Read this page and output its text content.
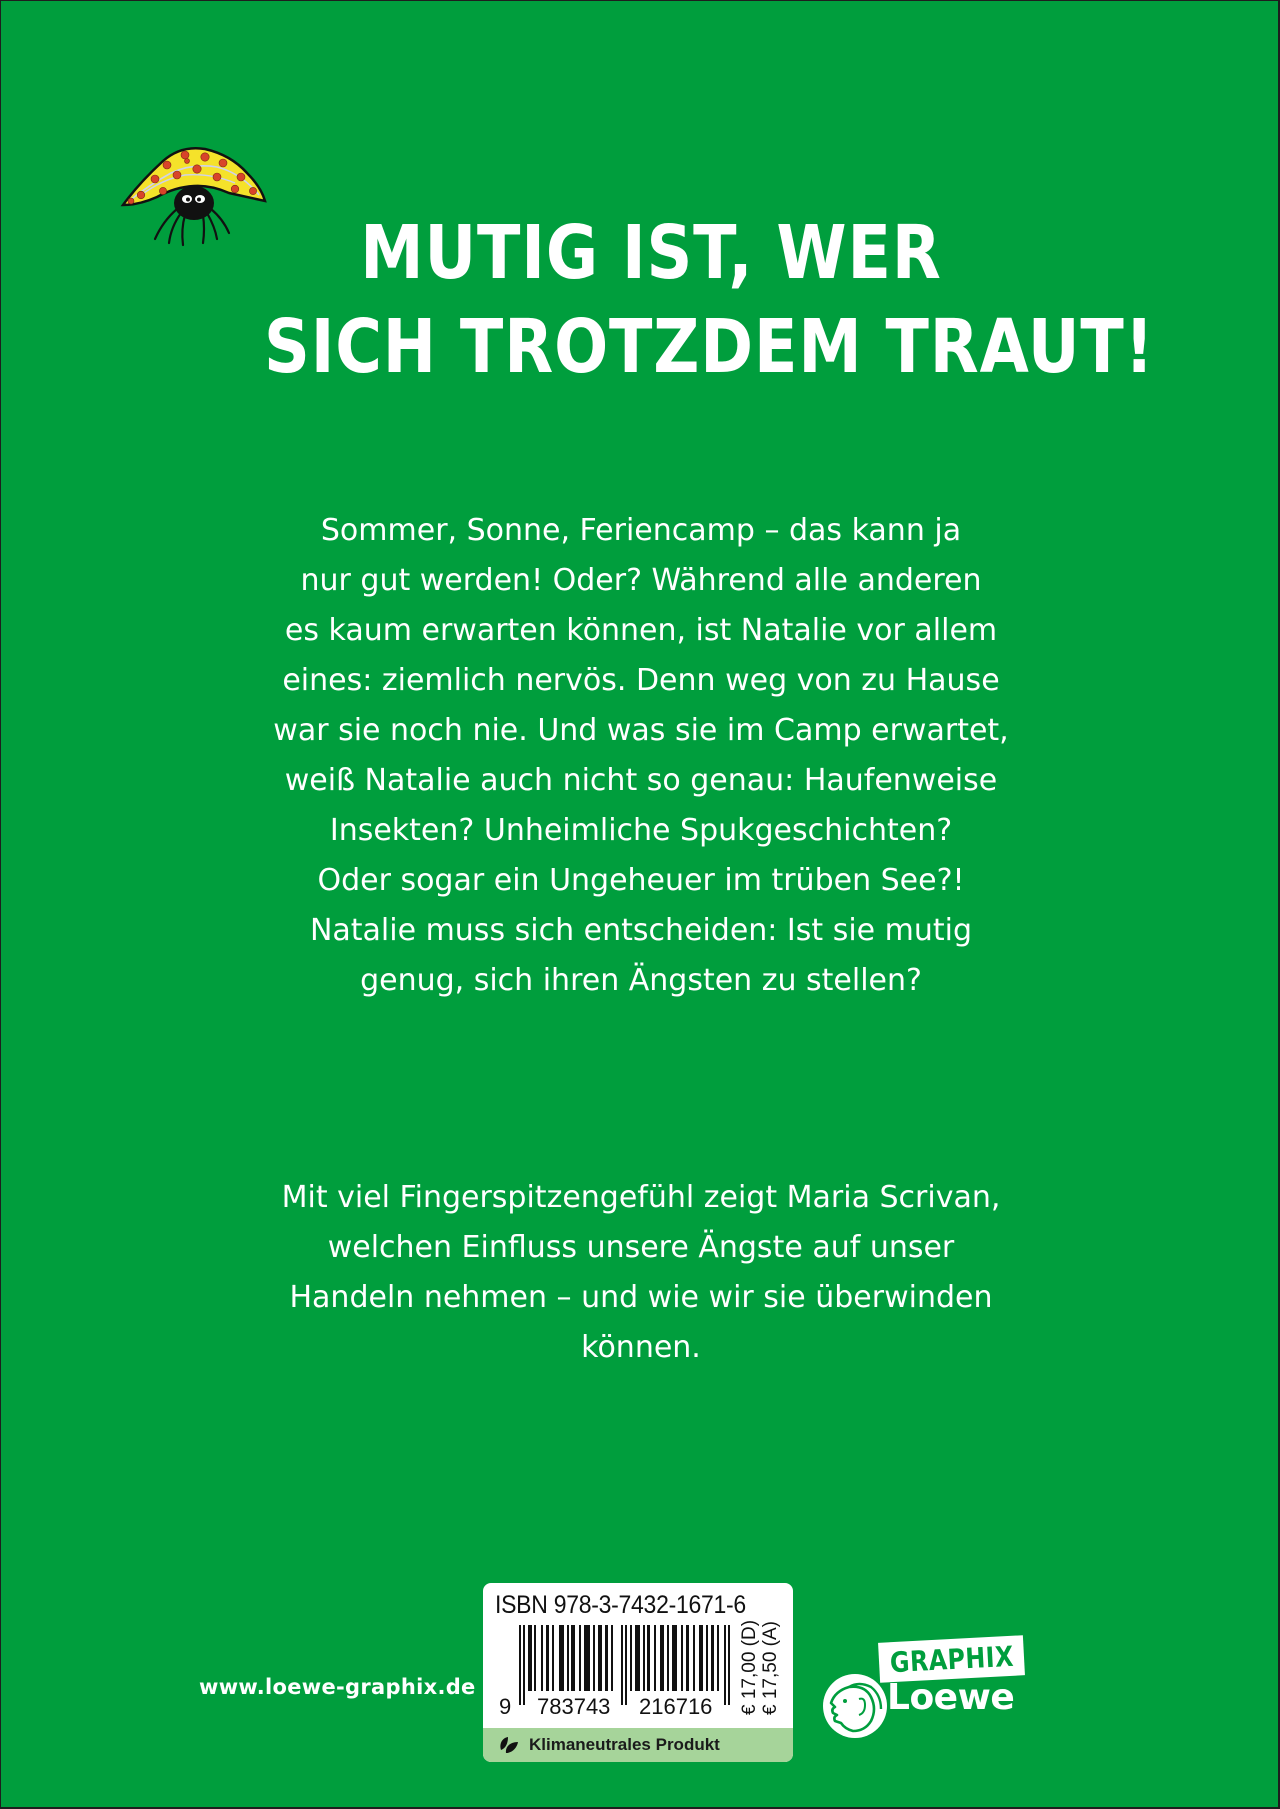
MUTIG IST, WER
SICH TROTZDEM TRAUT!
Sommer, Sonne, Feriencamp – das kann ja
nur gut werden! Oder? Während alle anderen
es kaum erwarten können, ist Natalie vor allem
eines: ziemlich nervös. Denn weg von zu Hause
war sie noch nie. Und was sie im Camp erwartet,
weiß Natalie auch nicht so genau: Haufenweise
Insekten? Unheimliche Spukgeschichten?
Oder sogar ein Ungeheuer im trüben See?!
Natalie muss sich entscheiden: Ist sie mutig
genug, sich ihren Ängsten zu stellen?
Mit viel Fingerspitzengefühl zeigt Maria Scrivan,
welchen Einfluss unsere Ängste auf unser
Handeln nehmen – und wie wir sie überwinden
können.
www.loewe-graphix.de
ISBN 978-3-7432-1671-6
9 783743 216716 € 17,00 (D) € 17,50 (A)
Klimaneutrales Produkt
GRAPHIX
Loewe
